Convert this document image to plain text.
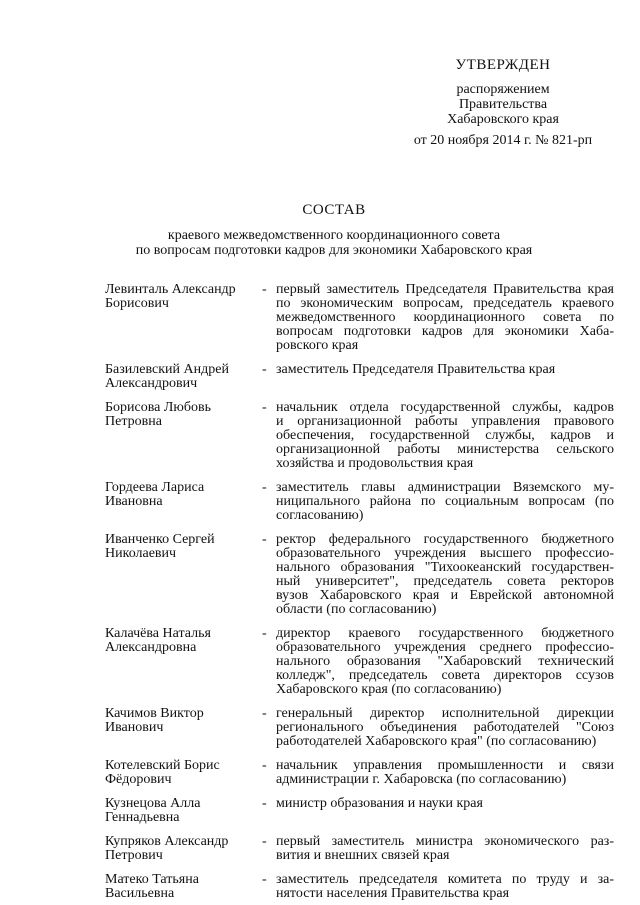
УТВЕРЖДЕН
распоряжением
Правительства
Хабаровского края
от 20 ноября 2014 г. № 821-рп
СОСТАВ
краевого межведомственного координационного совета
по вопросам подготовки кадров для экономики Хабаровского края
Левинталь Александр
Борисович
- первый заместитель Председателя Правительства края
по экономическим вопросам, председатель краевого
межведомственного координационного совета по
вопросам подготовки кадров для экономики Хаба-
ровского края
Базилевский Андрей
Александрович
- заместитель Председателя Правительства края
Борисова Любовь
Петровна
- начальник отдела государственной службы, кадров
и организационной работы управления правового
обеспечения, государственной службы, кадров и
организационной работы министерства сельского
хозяйства и продовольствия края
Гордеева Лариса
Ивановна
- заместитель главы администрации Вяземского му-
ниципального района по социальным вопросам (по
согласованию)
Иванченко Сергей
Николаевич
- ректор федерального государственного бюджетного
образовательного учреждения высшего профессио-
нального образования "Тихоокеанский государствен-
ный университет", председатель совета ректоров
вузов Хабаровского края и Еврейской автономной
области (по согласованию)
Калачёва Наталья
Александровна
- директор краевого государственного бюджетного
образовательного учреждения среднего профессио-
нального образования "Хабаровский технический
колледж", председатель совета директоров ссузов
Хабаровского края (по согласованию)
Качимов Виктор
Иванович
- генеральный директор исполнительной дирекции
регионального объединения работодателей "Союз
работодателей Хабаровского края" (по согласованию)
Котелевский Борис
Фёдорович
- начальник управления промышленности и связи
администрации г. Хабаровска (по согласованию)
Кузнецова Алла
Геннадьевна
- министр образования и науки края
Купряков Александр
Петрович
- первый заместитель министра экономического раз-
вития и внешних связей края
Матеко Татьяна
Васильевна
- заместитель председателя комитета по труду и за-
нятости населения Правительства края
